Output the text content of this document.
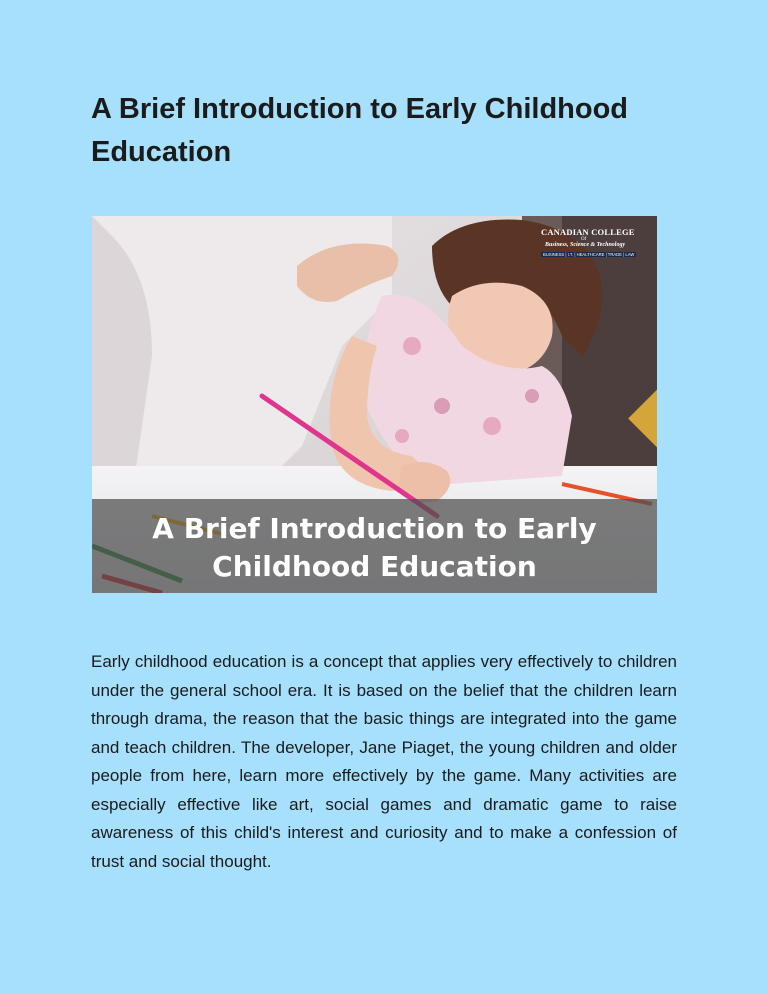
A Brief Introduction to Early Childhood Education
CANADIAN COLLEGE
Of
Business, Science & Technology
BUSINESS | I.T. | HEALTHCARE | TRADE | LAW
A Brief Introduction to Early
Childhood Education

Early childhood education is a concept that applies very effectively to children under the general school era. It is based on the belief that the children learn through drama, the reason that the basic things are integrated into the game and teach children. The developer, Jane Piaget, the young children and older people from here, learn more effectively by the game. Many activities are especially effective like art, social games and dramatic game to raise awareness of this child's interest and curiosity and to make a confession of trust and social thought.
